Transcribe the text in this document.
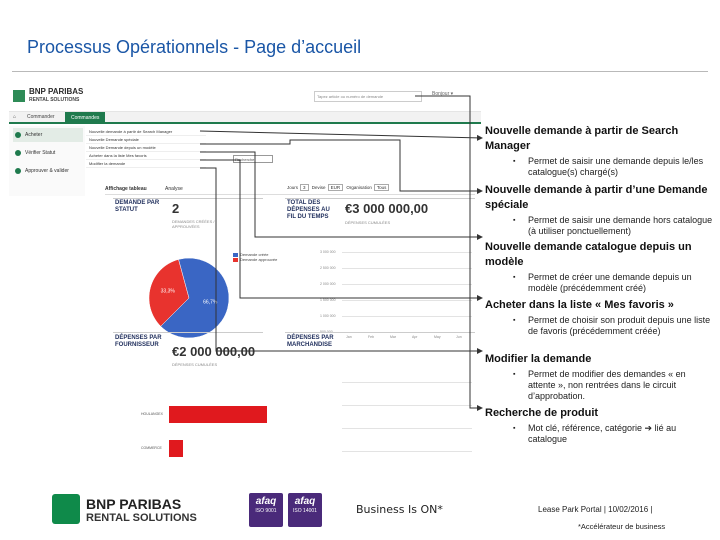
Processus Opérationnels - Page d’accueil
BNP PARIBAS
RENTAL SOLUTIONS
Tapez article ou numéro de demande	Bonjour ▾
⌂ Commander	Commandes
Acheter
Vérifier Statut
Approuver & valider
Nouvelle demande à partir de Search Manager
Nouvelle Demande spéciale
Nouvelle Demande depuis un modèle
Acheter dans la liste Mes favoris
Modifier la demande
Recherche
Affichage tableau	Analyse	Jours 3 Devise EUR Organisation Tous
DEMANDE PAR STATUT	2
DEMANDES CRÉÉES / APPROUVÉES
TOTAL DES DÉPENSES AU FIL DU TEMPS
€3 000 000,00
DÉPENSES CUMULÉES
33,3%
66,7%
Demande créée
Demande approuvée
3 000 000
2 500 000
2 000 000
1 500 000
1 000 000
Jan	Feb	Mar	Apr	May	Jun
DÉPENSES PAR FOURNISSEUR	€2 000 000,00
DÉPENSES CUMULÉES
DÉPENSES PAR MARCHANDISE
HOULANGEX
COMMERCE
Nouvelle demande à partir de Search Manager
▪ Permet de saisir une demande depuis le/les catalogue(s) chargé(s)
Nouvelle demande à partir d’une Demande spéciale
▪ Permet de saisir une demande hors catalogue (à utiliser ponctuellement)
Nouvelle demande catalogue depuis un modèle
▪ Permet de créer une demande depuis un modèle (précédemment créé)
Acheter dans la liste « Mes favoris »
▪ Permet de choisir son produit depuis une liste de favoris (précédemment créée)
Modifier la demande
▪ Permet de modifier des demandes « en attente », non rentrées dans le circuit d’approbation.
Recherche de produit
▪ Mot clé, référence, catégorie ➔ lié au catalogue
BNP PARIBAS
RENTAL SOLUTIONS
afaq
ISO 9001
afaq
ISO 14001	Business Is ON*	Lease Park Portal | 10/02/2016 |
*Accélérateur de business
